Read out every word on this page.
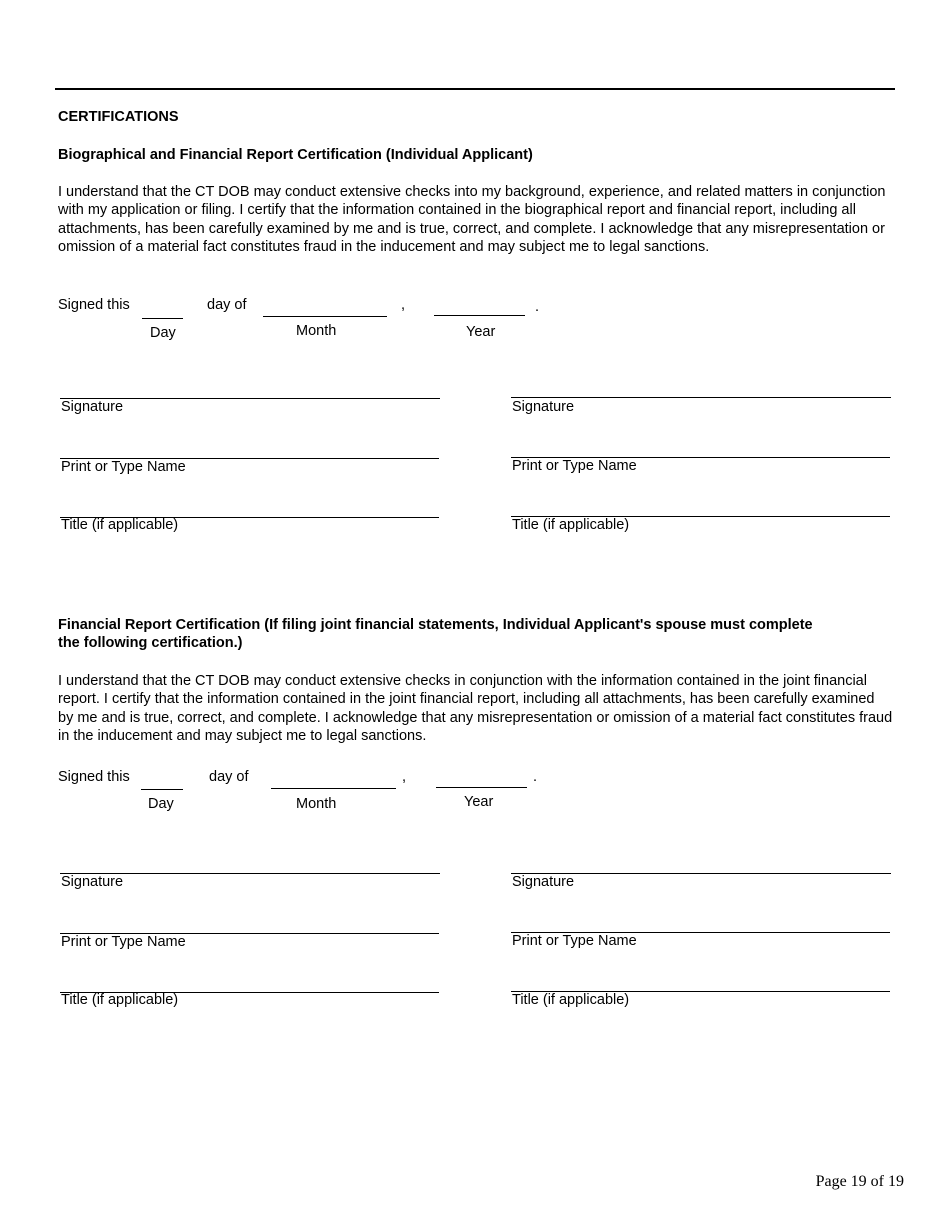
CERTIFICATIONS
Biographical and Financial Report Certification (Individual Applicant)
I understand that the CT DOB may conduct extensive checks into my background, experience, and related matters in conjunction with my application or filing. I certify that the information contained in the biographical report and financial report, including all attachments, has been carefully examined by me and is true, correct, and complete. I acknowledge that any misrepresentation or omission of a material fact constitutes fraud in the inducement and may subject me to legal sanctions.
Signed this	day of	,	.
Day	Month	Year
Signature
Print or Type Name
Title (if applicable)
Signature
Print or Type Name
Title (if applicable)
Financial Report Certification (If filing joint financial statements, Individual Applicant's spouse must complete
the following certification.)
I understand that the CT DOB may conduct extensive checks in conjunction with the information contained in the joint financial report. I certify that the information contained in the joint financial report, including all attachments, has been carefully examined by me and is true, correct, and complete. I acknowledge that any misrepresentation or omission of a material fact constitutes fraud in the inducement and may subject me to legal sanctions.
Signed this	day of	,	.
Day	Month	Year
Signature
Print or Type Name
Title (if applicable)
Signature
Print or Type Name
Title (if applicable)
Page 19 of 19
